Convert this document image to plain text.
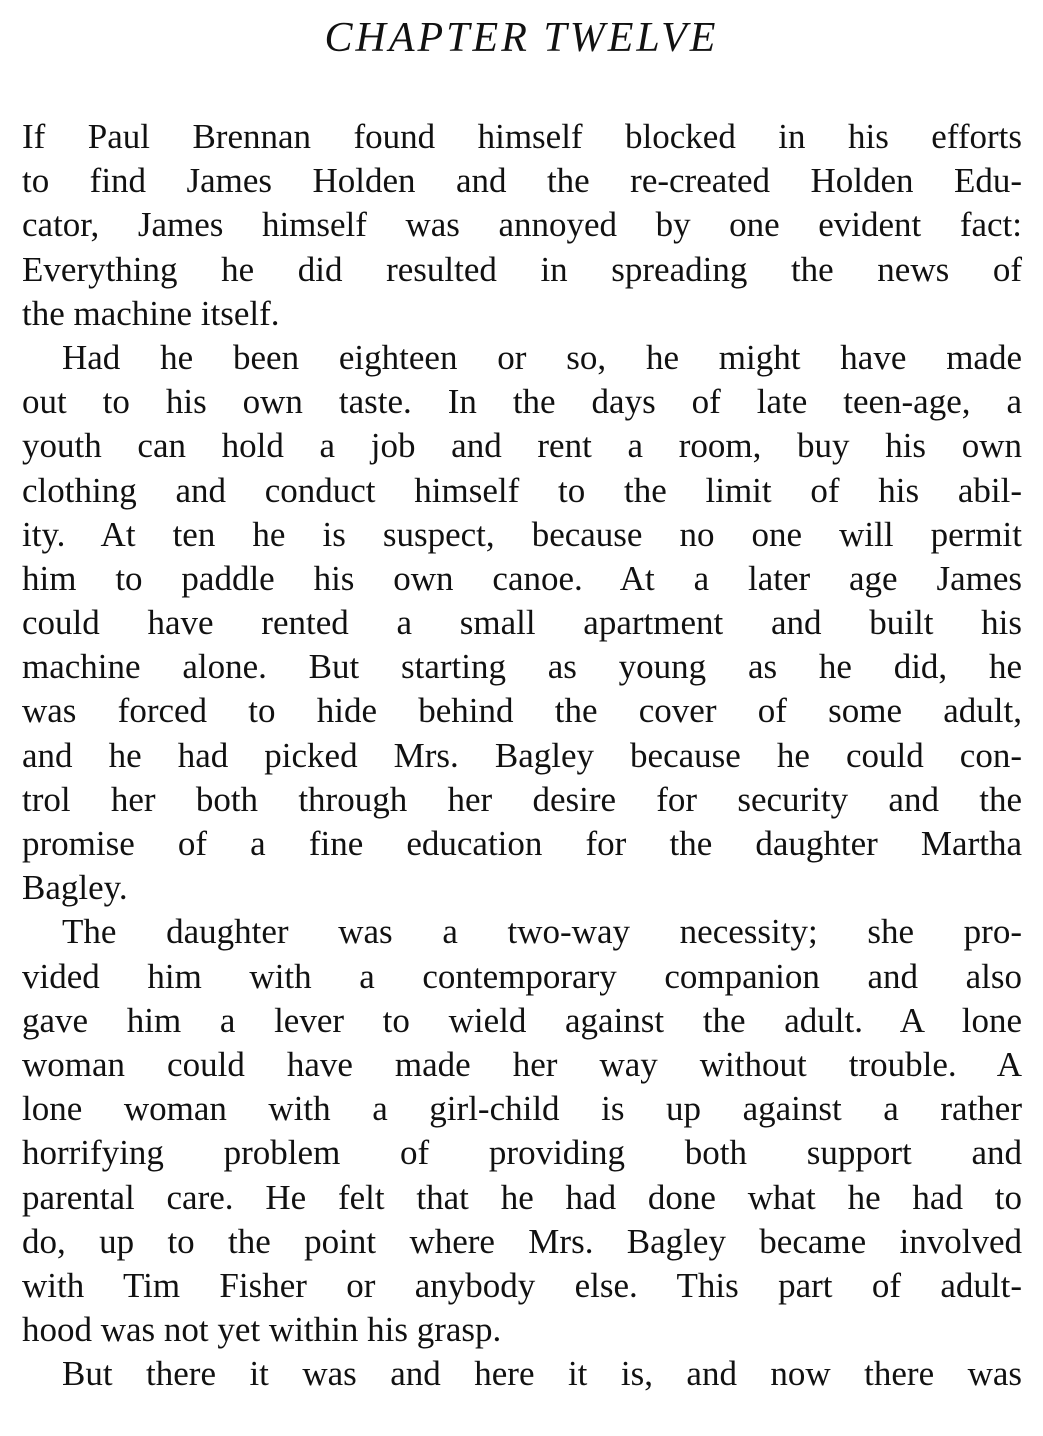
CHAPTER TWELVE
If Paul Brennan found himself blocked in his efforts
to find James Holden and the re-created Holden Edu-
cator, James himself was annoyed by one evident fact:
Everything he did resulted in spreading the news of
the machine itself.
Had he been eighteen or so, he might have made
out to his own taste. In the days of late teen-age, a
youth can hold a job and rent a room, buy his own
clothing and conduct himself to the limit of his abil-
ity. At ten he is suspect, because no one will permit
him to paddle his own canoe. At a later age James
could have rented a small apartment and built his
machine alone. But starting as young as he did, he
was forced to hide behind the cover of some adult,
and he had picked Mrs. Bagley because he could con-
trol her both through her desire for security and the
promise of a fine education for the daughter Martha
Bagley.
The daughter was a two-way necessity; she pro-
vided him with a contemporary companion and also
gave him a lever to wield against the adult. A lone
woman could have made her way without trouble. A
lone woman with a girl-child is up against a rather
horrifying problem of providing both support and
parental care. He felt that he had done what he had to
do, up to the point where Mrs. Bagley became involved
with Tim Fisher or anybody else. This part of adult-
hood was not yet within his grasp.
But there it was and here it is, and now there was
